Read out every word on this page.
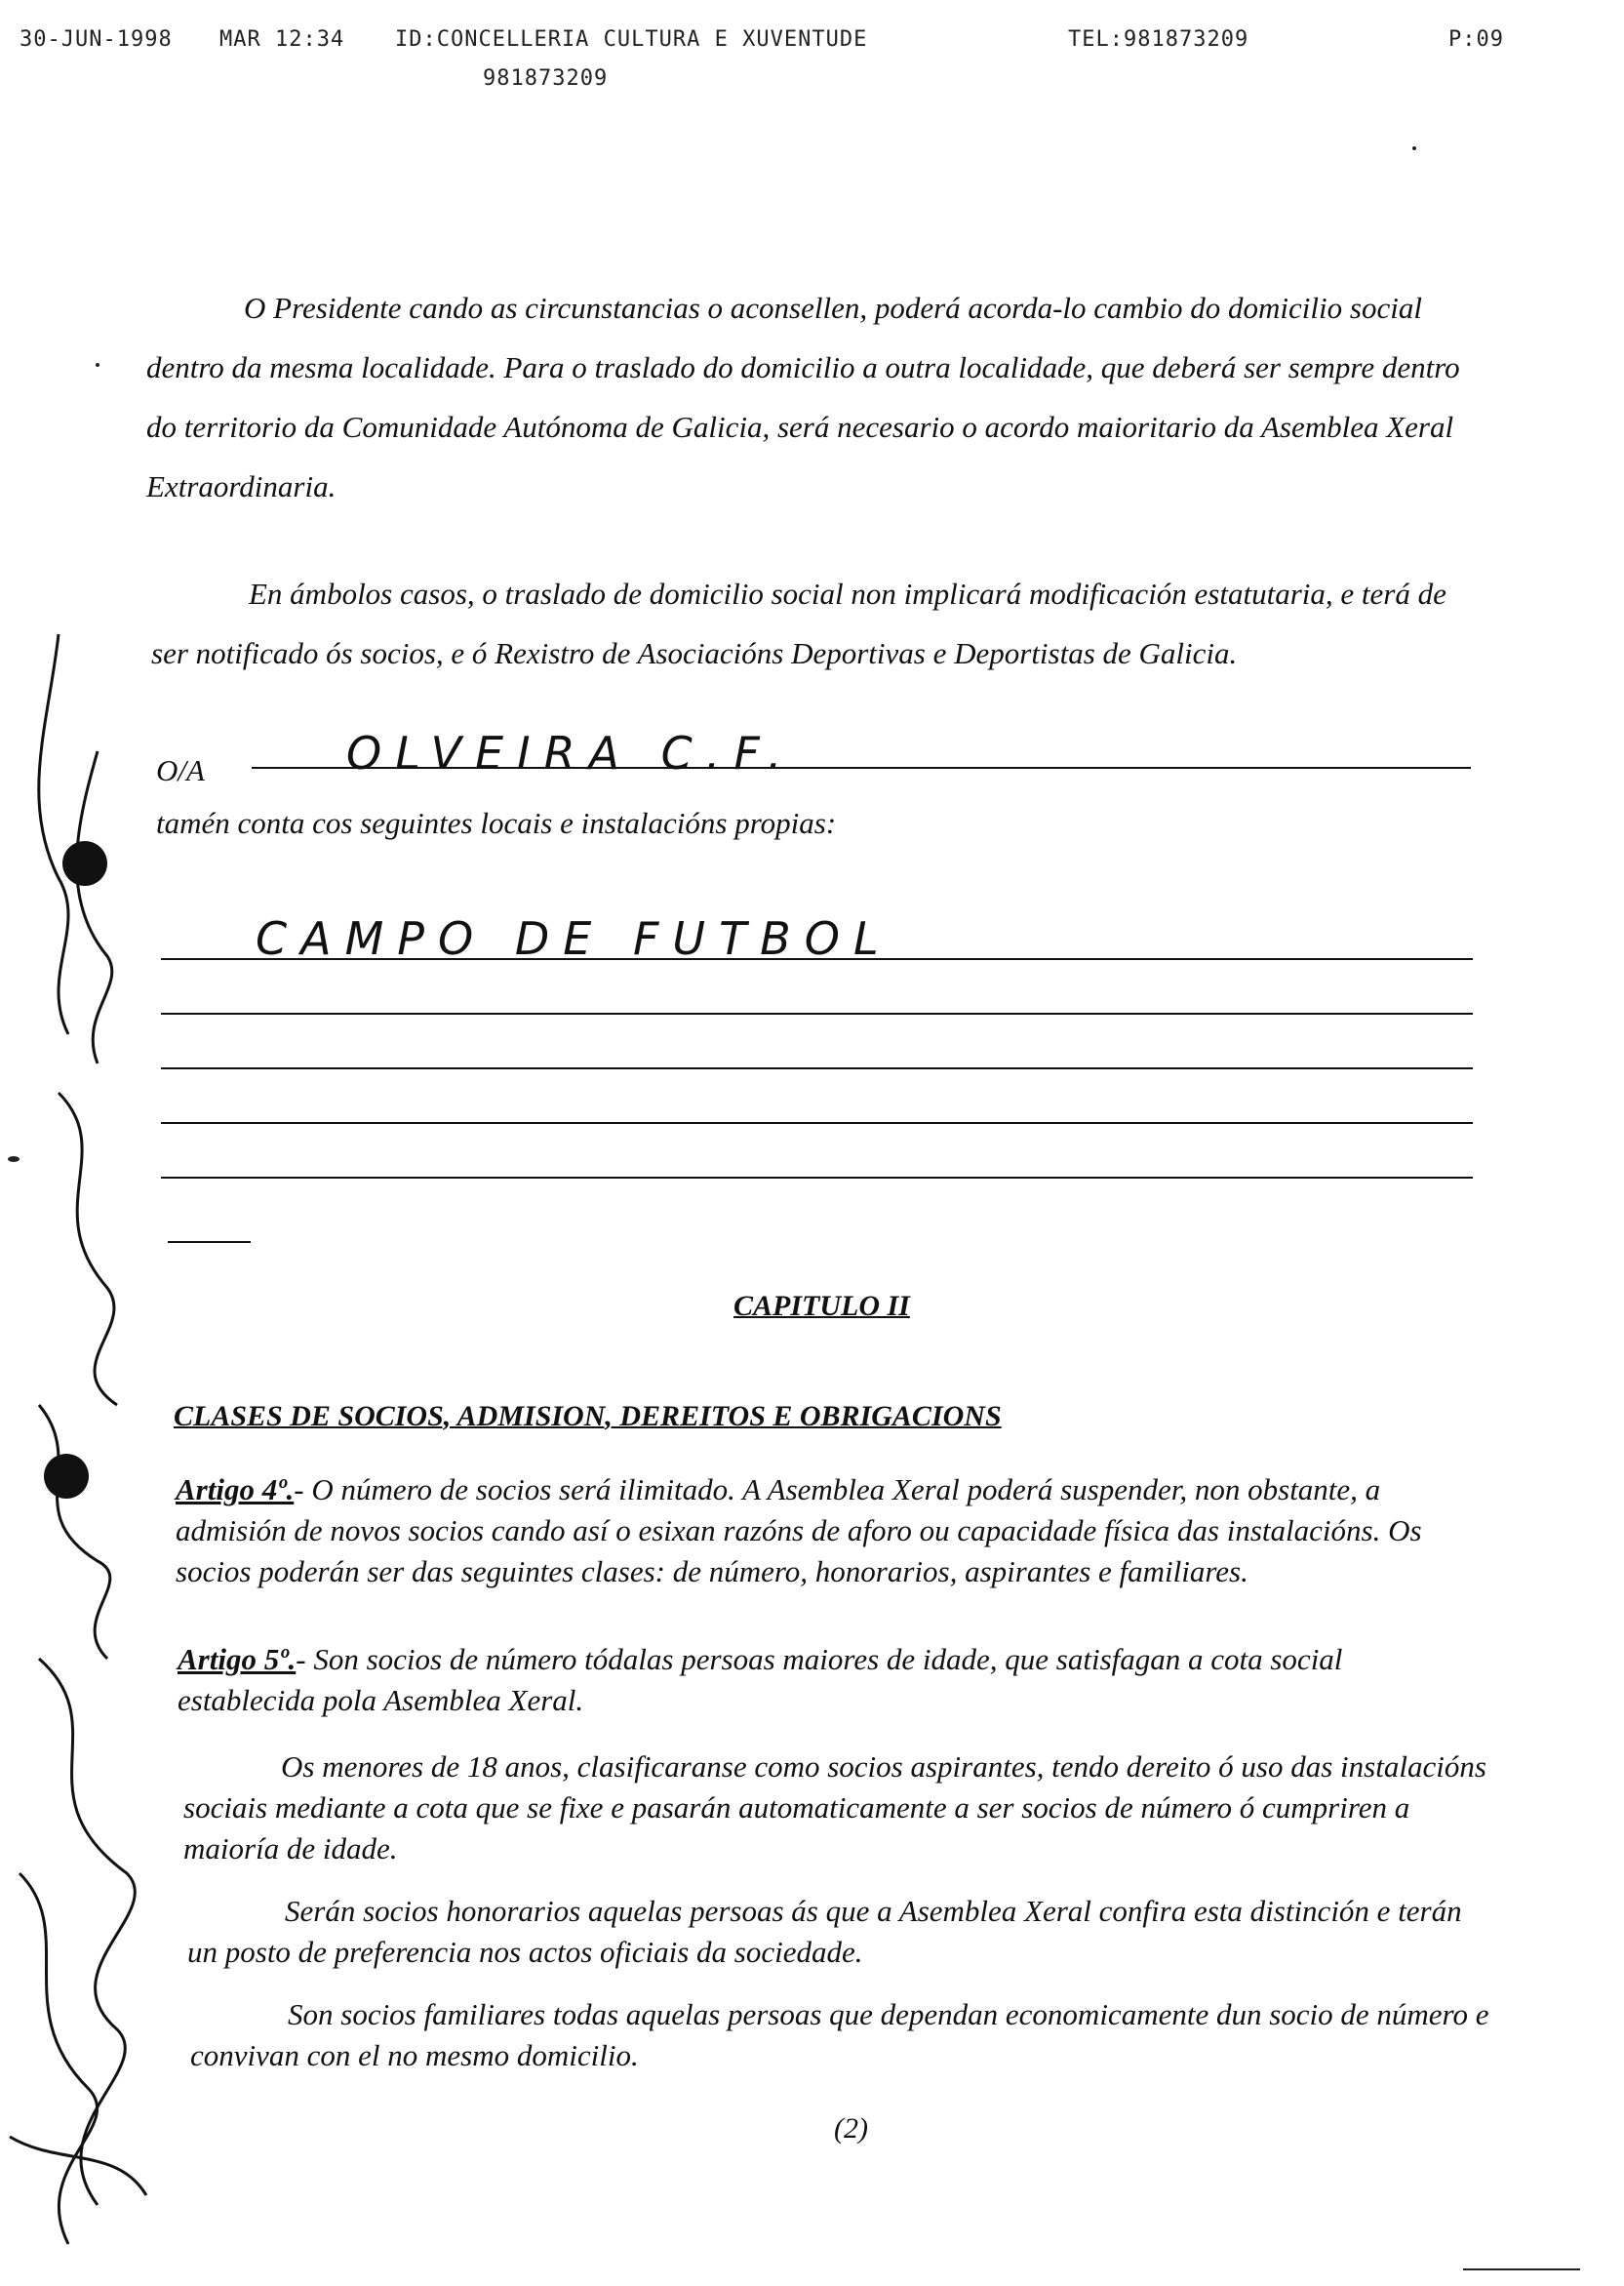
30-JUN-1998 MAR 12:34 ID:CONCELLERIA CULTURA E XUVENTUDE	TEL:981873209	P:09
981873209

O Presidente cando as circunstancias o aconsellen, poderá acorda-lo cambio do domicilio social dentro da mesma localidade. Para o traslado do domicilio a outra localidade, que deberá ser sempre dentro do territorio da Comunidade Autónoma de Galicia, será necesario o acordo maioritario da Asemblea Xeral Extraordinaria.

En ámbolos casos, o traslado de domicilio social non implicará modificación estatutaria, e terá de ser notificado ós socios, e ó Rexistro de Asociacións Deportivas e Deportistas de Galicia.

O/A	OLVEIRA C.F.
tamén conta cos seguintes locais e instalacións propias:
CAMPO DE FUTBOL
CAPITULO II
CLASES DE SOCIOS, ADMISION, DEREITOS E OBRIGACIONS

Artigo 4º.- O número de socios será ilimitado. A Asemblea Xeral poderá suspender, non obstante, a admisión de novos socios cando así o esixan razóns de aforo ou capacidade física das instalacións. Os socios poderán ser das seguintes clases: de número, honorarios, aspirantes e familiares.

Artigo 5º.- Son socios de número tódalas persoas maiores de idade, que satisfagan a cota social establecida pola Asemblea Xeral.

Os menores de 18 anos, clasificaranse como socios aspirantes, tendo dereito ó uso das instalacións sociais mediante a cota que se fixe e pasarán automaticamente a ser socios de número ó cumpriren a maioría de idade.

Serán socios honorarios aquelas persoas ás que a Asemblea Xeral confira esta distinción e terán un posto de preferencia nos actos oficiais da sociedade.

Son socios familiares todas aquelas persoas que dependan economicamente dun socio de número e convivan con el no mesmo domicilio.

(2)
